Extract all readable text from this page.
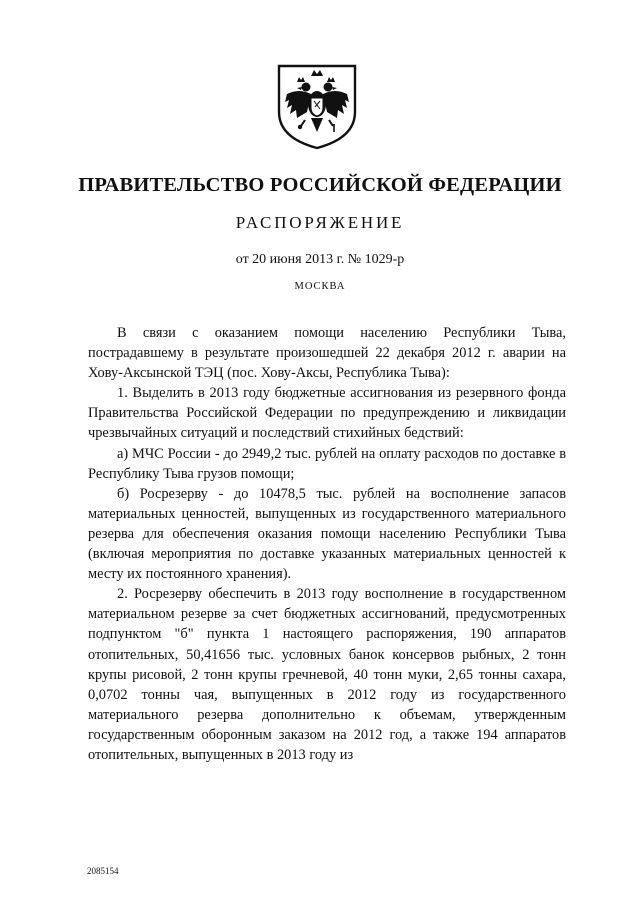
ПРАВИТЕЛЬСТВО РОССИЙСКОЙ ФЕДЕРАЦИИ
РАСПОРЯЖЕНИЕ
от 20 июня 2013 г. № 1029-р
МОСКВА

В связи с оказанием помощи населению Республики Тыва, пострадавшему в результате произошедшей 22 декабря 2012 г. аварии на Хову-Аксынской ТЭЦ (пос. Хову-Аксы, Республика Тыва):

1. Выделить в 2013 году бюджетные ассигнования из резервного фонда Правительства Российской Федерации по предупреждению и ликвидации чрезвычайных ситуаций и последствий стихийных бедствий:

а) МЧС России - до 2949,2 тыс. рублей на оплату расходов по доставке в Республику Тыва грузов помощи;

б) Росрезерву - до 10478,5 тыс. рублей на восполнение запасов материальных ценностей, выпущенных из государственного материального резерва для обеспечения оказания помощи населению Республики Тыва (включая мероприятия по доставке указанных материальных ценностей к месту их постоянного хранения).

2. Росрезерву обеспечить в 2013 году восполнение в государственном материальном резерве за счет бюджетных ассигнований, предусмотренных подпунктом "б" пункта 1 настоящего распоряжения, 190 аппаратов отопительных, 50,41656 тыс. условных банок консервов рыбных, 2 тонн крупы рисовой, 2 тонн крупы гречневой, 40 тонн муки, 2,65 тонны сахара, 0,0702 тонны чая, выпущенных в 2012 году из государственного материального резерва дополнительно к объемам, утвержденным государственным оборонным заказом на 2012 год, а также 194 аппаратов отопительных, выпущенных в 2013 году из

2085154
